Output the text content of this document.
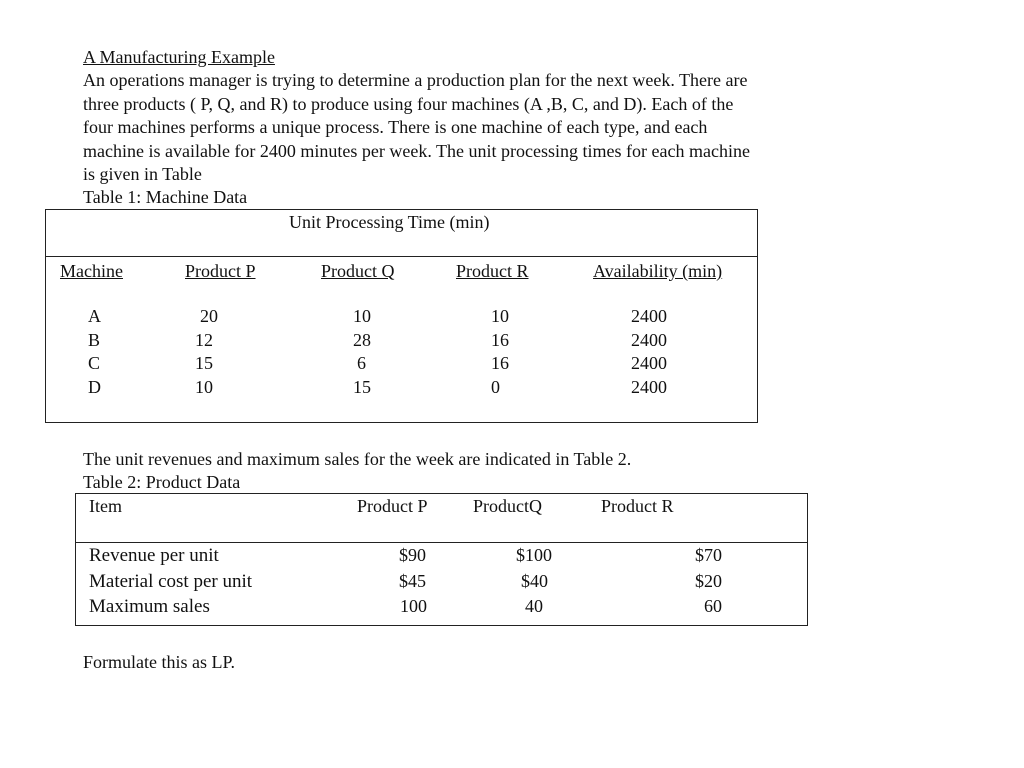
A Manufacturing Example
An operations manager is trying to determine a production plan for the next week. There are
three products ( P, Q, and R) to produce using four machines (A ,B, C, and D). Each of the
four machines performs a unique process. There is one machine of each type, and each
machine is available for 2400 minutes per week. The unit processing times for each machine
is given in Table
Table 1: Machine Data
Unit Processing Time (min)
Machine	Product P	Product Q	Product R	Availability (min)
A	20	10	10	2400
B	12	28	16	2400
C	15	6	16	2400
D	10	15	0	2400
The unit revenues and maximum sales for the week are indicated in Table 2.
Table 2: Product Data
Item	Product P	ProductQ	Product R
Revenue per unit	$90	$100	$70
Material cost per unit	$45	$40	$20
Maximum sales	100	40	60
Formulate this as LP.
